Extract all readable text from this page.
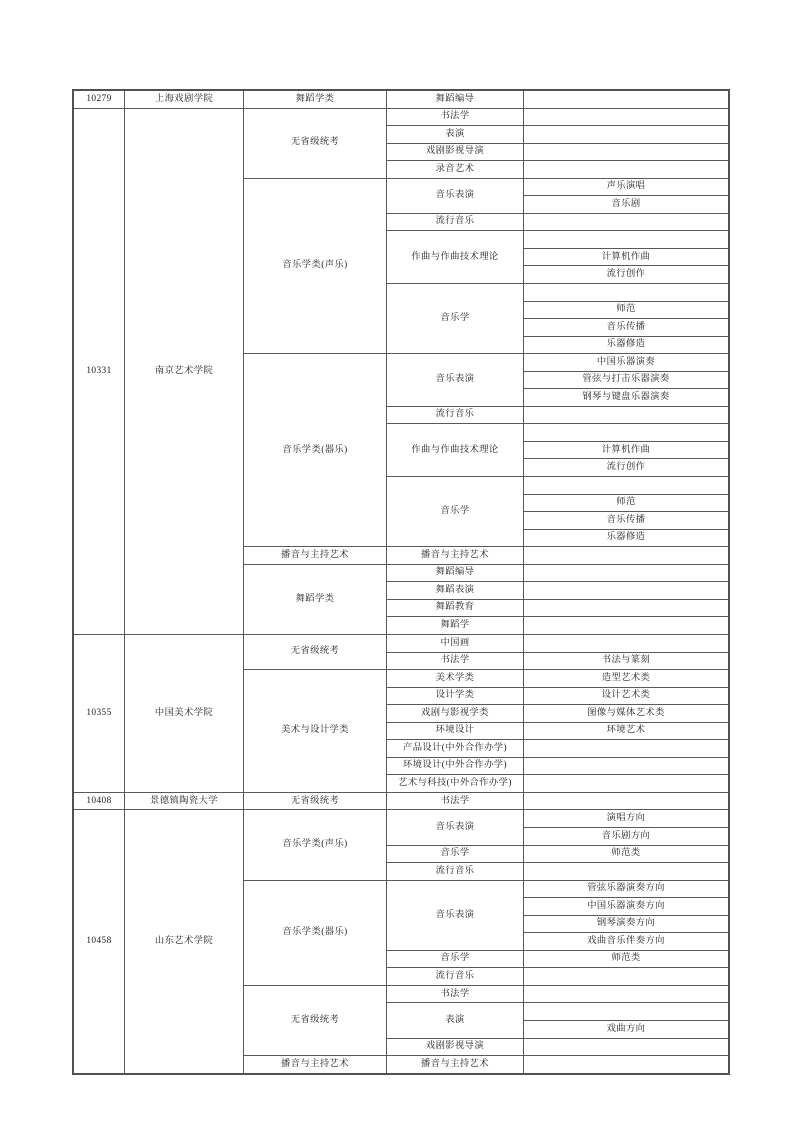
10279	上海戏剧学院	舞蹈学类	舞蹈编导	
10331	南京艺术学院	无省级统考	书法学	
			表演	
			戏剧影视导演	
			录音艺术	
		音乐学类(声乐)	音乐表演	声乐演唱
				音乐剧
			流行音乐	
			作曲与作曲技术理论	
				计算机作曲
				流行创作
			音乐学	
				师范
				音乐传播
				乐器修造
		音乐学类(器乐)	音乐表演	中国乐器演奏
				管弦与打击乐器演奏
				钢琴与键盘乐器演奏
			流行音乐	
			作曲与作曲技术理论	
				计算机作曲
				流行创作
			音乐学	
				师范
				音乐传播
				乐器修造
		播音与主持艺术	播音与主持艺术	
		舞蹈学类	舞蹈编导	
			舞蹈表演	
			舞蹈教育	
			舞蹈学	
10355	中国美术学院	无省级统考	中国画	
			书法学	书法与篆刻
		美术与设计学类	美术学类	造型艺术类
			设计学类	设计艺术类
			戏剧与影视学类	图像与媒体艺术类
			环境设计	环境艺术
			产品设计(中外合作办学)	
			环境设计(中外合作办学)	
			艺术与科技(中外合作办学)	
10408	景德镇陶瓷大学	无省级统考	书法学	
10458	山东艺术学院	音乐学类(声乐)	音乐表演	演唱方向
				音乐剧方向
			音乐学	师范类
			流行音乐	
		音乐学类(器乐)	音乐表演	管弦乐器演奏方向
				中国乐器演奏方向
				钢琴演奏方向
				戏曲音乐伴奏方向
			音乐学	师范类
			流行音乐	
		无省级统考	书法学	
			表演	
				戏曲方向
			戏剧影视导演	
		播音与主持艺术	播音与主持艺术	
